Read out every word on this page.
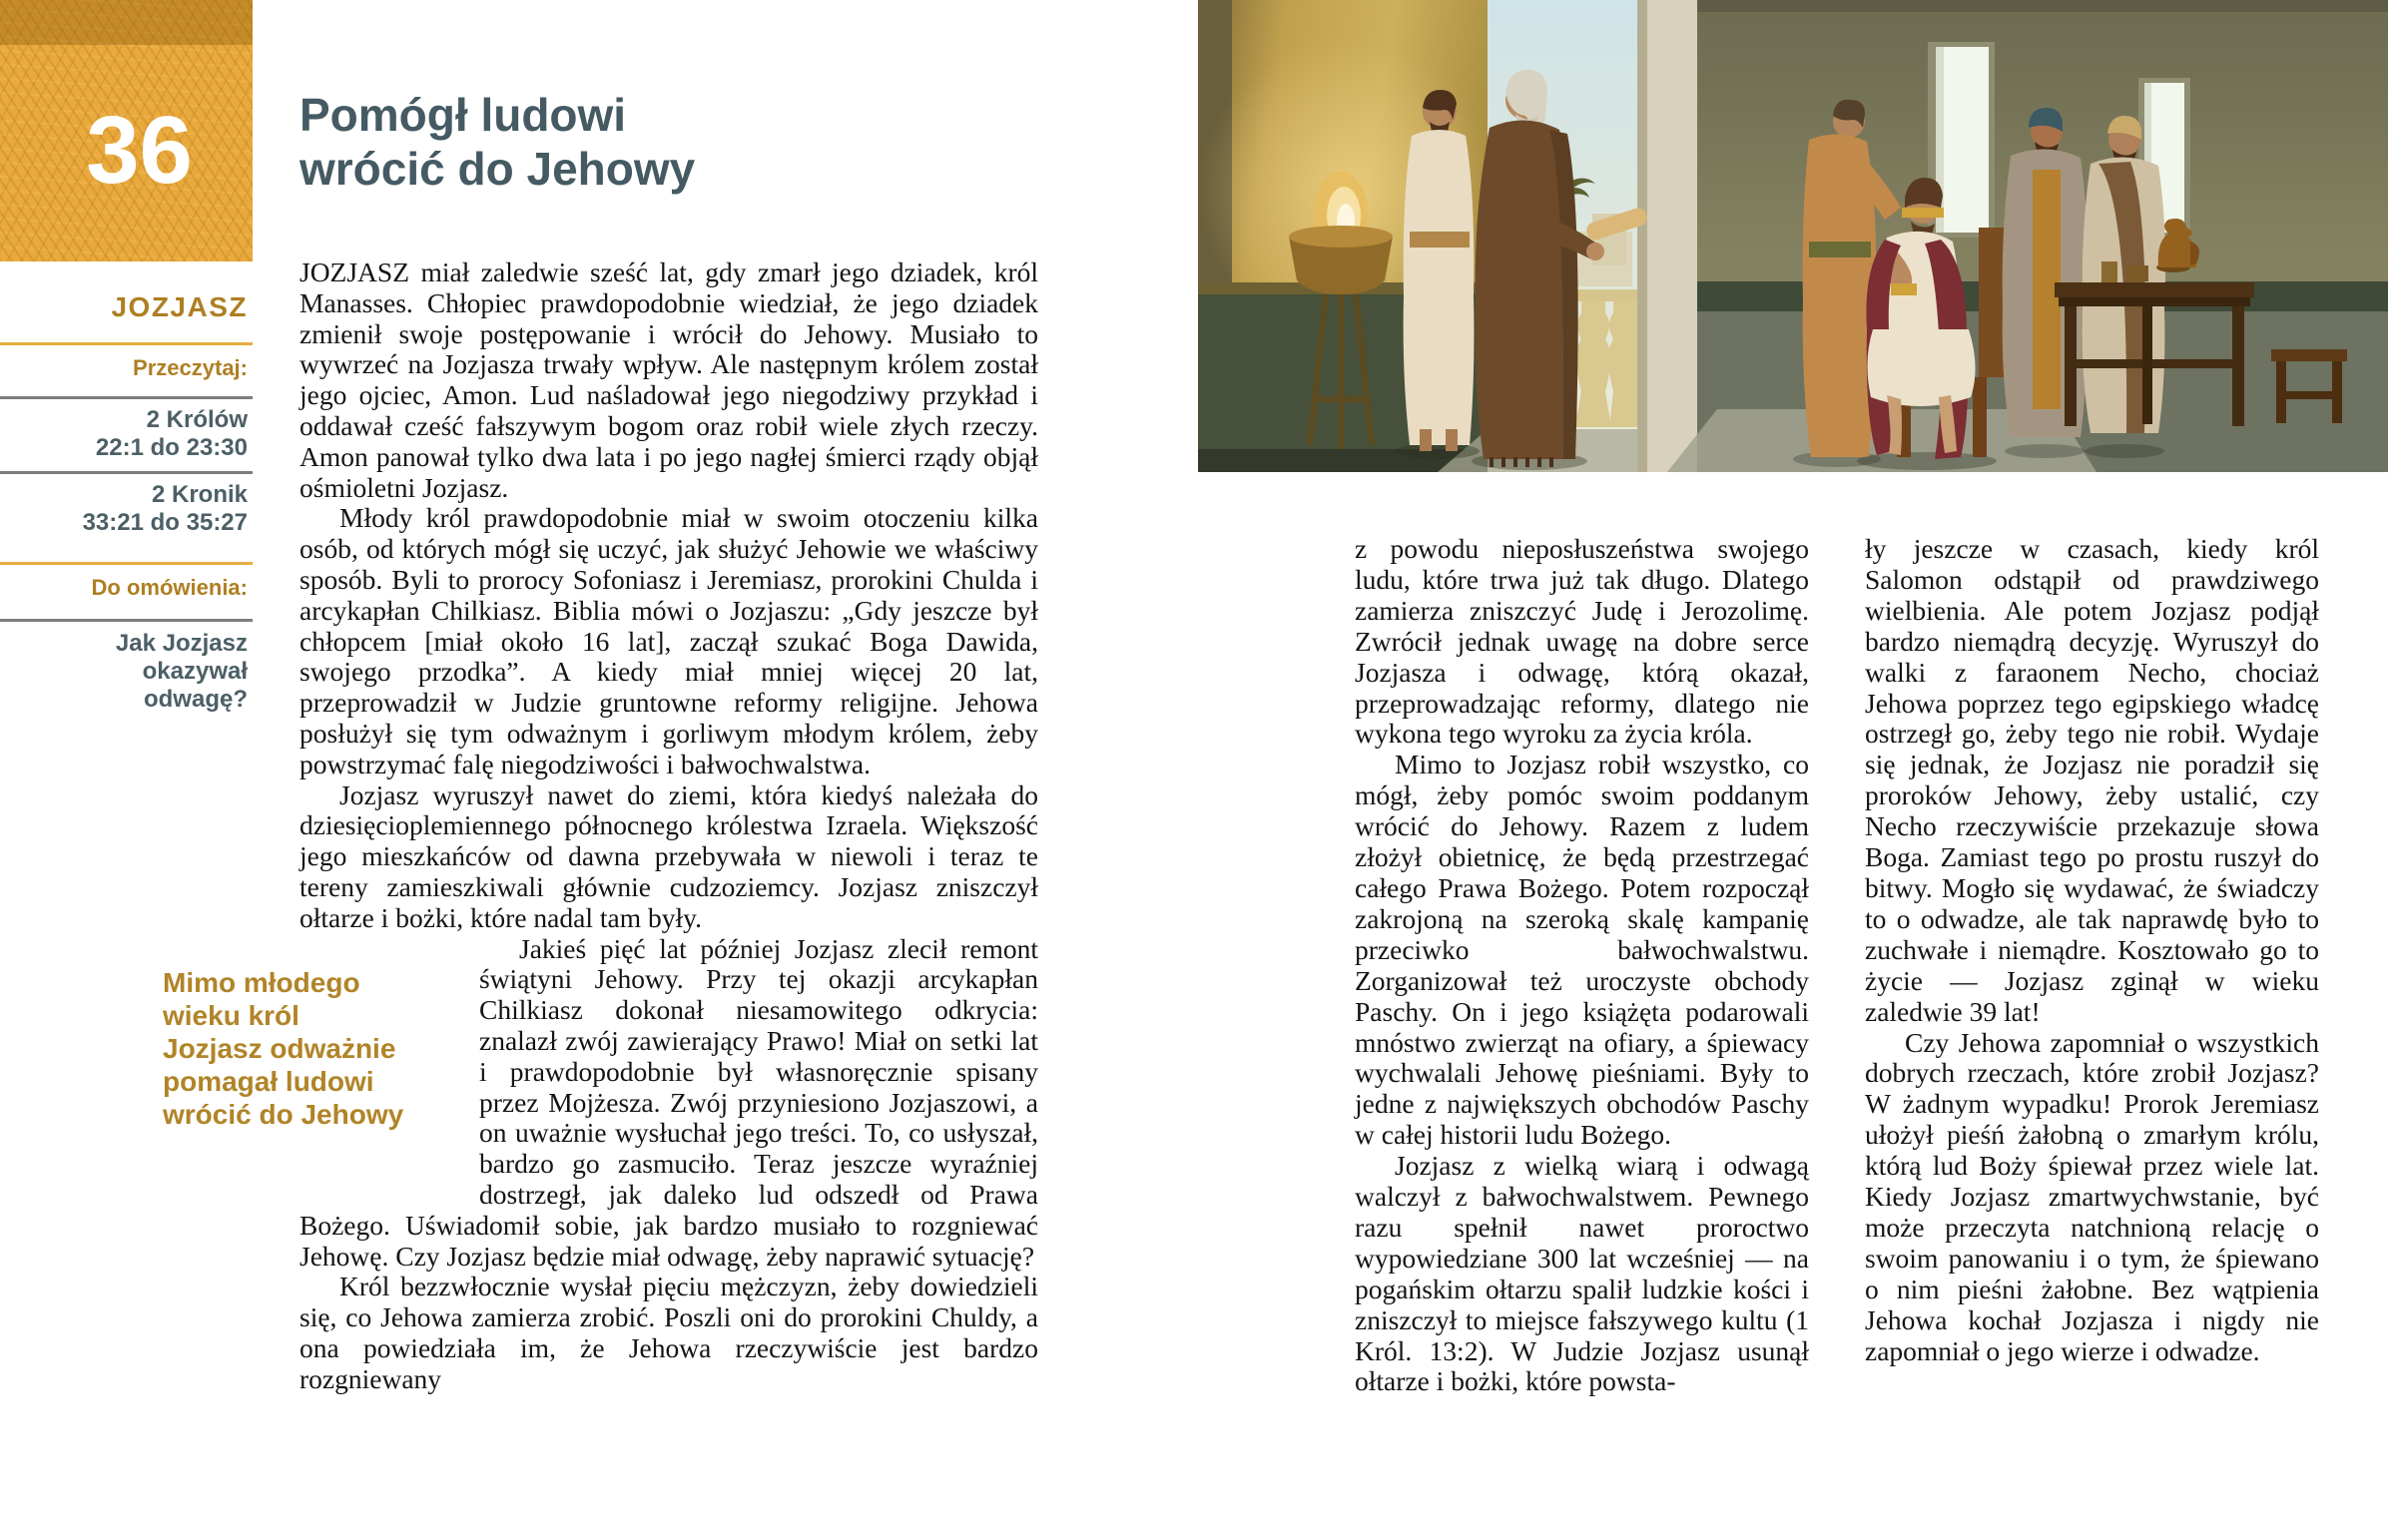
36
JOZJASZ
Przeczytaj:
2 Królów
22:1 do 23:30
2 Kronik
33:21 do 35:27
Do omówienia:
Jak Jozjasz okazywał odwagę?
Pomógł ludowi wrócić do Jehowy

JOZJASZ miał zaledwie sześć lat, gdy zmarł jego dziadek, król Manasses. Chłopiec prawdopodobnie wiedział, że jego dziadek zmienił swoje postępowanie i wrócił do Jehowy. Musiało to wywrzeć na Jozjasza trwały wpływ. Ale następnym królem został jego ojciec, Amon. Lud naśladował jego niegodziwy przykład i oddawał cześć fałszywym bogom oraz robił wiele złych rzeczy. Amon panował tylko dwa lata i po jego nagłej śmierci rządy objął ośmioletni Jozjasz.

Młody król prawdopodobnie miał w swoim otoczeniu kilka osób, od których mógł się uczyć, jak służyć Jehowie we właściwy sposób. Byli to prorocy Sofoniasz i Jeremiasz, prorokini Chulda i arcykapłan Chilkiasz. Biblia mówi o Jozjaszu: „Gdy jeszcze był chłopcem [miał około 16 lat], zaczął szukać Boga Dawida, swojego przodka”. A kiedy miał mniej więcej 20 lat, przeprowadził w Judzie gruntowne reformy religijne. Jehowa posłużył się tym odważnym i gorliwym młodym królem, żeby powstrzymać falę niegodziwości i bałwochwalstwa.

Jozjasz wyruszył nawet do ziemi, która kiedyś należała do dziesięcioplemiennego północnego królestwa Izraela. Większość jego mieszkańców od dawna przebywała w niewoli i teraz te tereny zamieszkiwali głównie cudzoziemcy. Jozjasz zniszczył ołtarze i bożki, które nadal tam były.

Mimo młodego wieku król Jozjasz odważnie pomagał ludowi wrócić do Jehowy
Jakieś pięć lat później Jozjasz zlecił remont świątyni Jehowy. Przy tej okazji arcykapłan Chilkiasz dokonał niesamowitego odkrycia: znalazł zwój zawierający Prawo! Miał on setki lat i prawdopodobnie był własnoręcznie spisany przez Mojżesza. Zwój przyniesiono Jozjaszowi, a on uważnie wysłuchał jego treści. To, co usłyszał, bardzo go zasmuciło. Teraz jeszcze wyraźniej dostrzegł, jak daleko lud odszedł od Prawa Bożego. Uświadomił sobie, jak bardzo musiało to rozgniewać Jehowę. Czy Jozjasz będzie miał odwagę, żeby naprawić sytuację?

Król bezzwłocznie wysłał pięciu mężczyzn, żeby dowiedzieli się, co Jehowa zamierza zrobić. Poszli oni do prorokini Chuldy, a ona powiedziała im, że Jehowa rzeczywiście jest bardzo rozgniewany

z powodu nieposłuszeństwa swojego ludu, które trwa już tak długo. Dlatego zamierza zniszczyć Judę i Jerozolimę. Zwrócił jednak uwagę na dobre serce Jozjasza i odwagę, którą okazał, przeprowadzając reformy, dlatego nie wykona tego wyroku za życia króla.

Mimo to Jozjasz robił wszystko, co mógł, żeby pomóc swoim poddanym wrócić do Jehowy. Razem z ludem złożył obietnicę, że będą przestrzegać całego Prawa Bożego. Potem rozpoczął zakrojoną na szeroką skalę kampanię przeciwko bałwochwalstwu. Zorganizował też uroczyste obchody Paschy. On i jego książęta podarowali mnóstwo zwierząt na ofiary, a śpiewacy wychwalali Jehowę pieśniami. Były to jedne z największych obchodów Paschy w całej historii ludu Bożego.

Jozjasz z wielką wiarą i odwagą walczył z bałwochwalstwem. Pewnego razu spełnił nawet proroctwo wypowiedziane 300 lat wcześniej — na pogańskim ołtarzu spalił ludzkie kości i zniszczył to miejsce fałszywego kultu (1 Król. 13:2). W Judzie Jozjasz usunął ołtarze i bożki, które powsta-

ły jeszcze w czasach, kiedy król Salomon odstąpił od prawdziwego wielbienia. Ale potem Jozjasz podjął bardzo niemądrą decyzję. Wyruszył do walki z faraonem Necho, chociaż Jehowa poprzez tego egipskiego władcę ostrzegł go, żeby tego nie robił. Wydaje się jednak, że Jozjasz nie poradził się proroków Jehowy, żeby ustalić, czy Necho rzeczywiście przekazuje słowa Boga. Zamiast tego po prostu ruszył do bitwy. Mogło się wydawać, że świadczy to o odwadze, ale tak naprawdę było to zuchwałe i niemądre. Kosztowało go to życie — Jozjasz zginął w wieku zaledwie 39 lat!

Czy Jehowa zapomniał o wszystkich dobrych rzeczach, które zrobił Jozjasz? W żadnym wypadku! Prorok Jeremiasz ułożył pieśń żałobną o zmarłym królu, którą lud Boży śpiewał przez wiele lat. Kiedy Jozjasz zmartwychwstanie, być może przeczyta natchnioną relację o swoim panowaniu i o tym, że śpiewano o nim pieśni żałobne. Bez wątpienia Jehowa kochał Jozjasza i nigdy nie zapomniał o jego wierze i odwadze.
